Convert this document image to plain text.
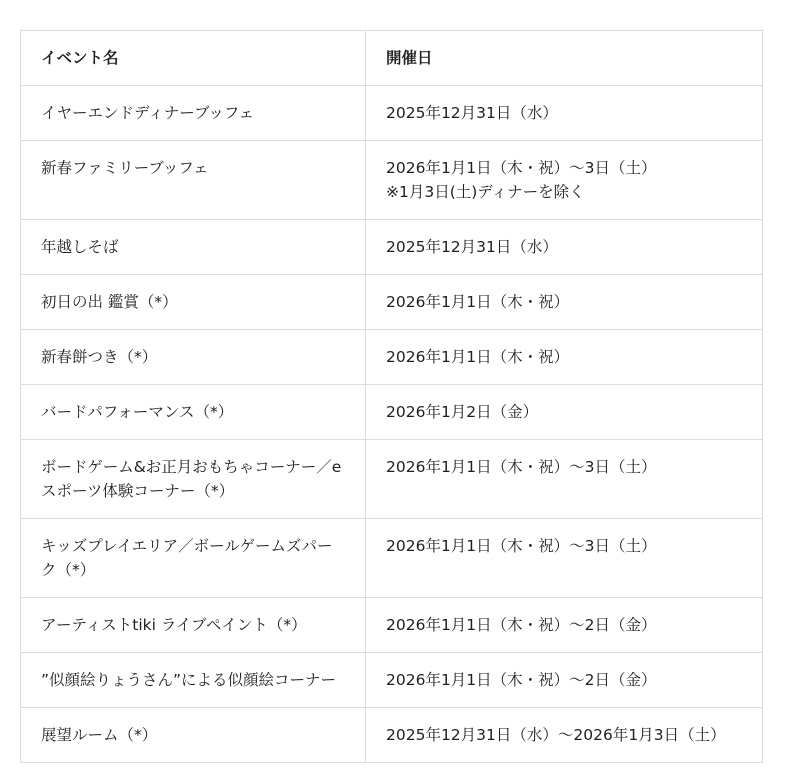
イベント名	開催日
イヤーエンドディナーブッフェ	2025年12月31日（水）

新春ファミリーブッフェ	2026年1月1日（木・祝）〜3日（土）
※1月3日(土)ディナーを除く

年越しそば	2025年12月31日（水）

初日の出 鑑賞（*）	2026年1月1日（木・祝）

新春餅つき（*）	2026年1月1日（木・祝）

バードパフォーマンス（*）	2026年1月2日（金）

ボードゲーム&お正月おもちゃコーナー／eスポーツ体験コーナー（*）	2026年1月1日（木・祝）〜3日（土）

キッズプレイエリア／ボールゲームズパーク（*）	2026年1月1日（木・祝）〜3日（土）

アーティストtiki ライブペイント（*）	2026年1月1日（木・祝）〜2日（金）

”似顔絵りょうさん”による似顔絵コーナー	2026年1月1日（木・祝）〜2日（金）

展望ルーム（*）	2025年12月31日（水）〜2026年1月3日（土）
